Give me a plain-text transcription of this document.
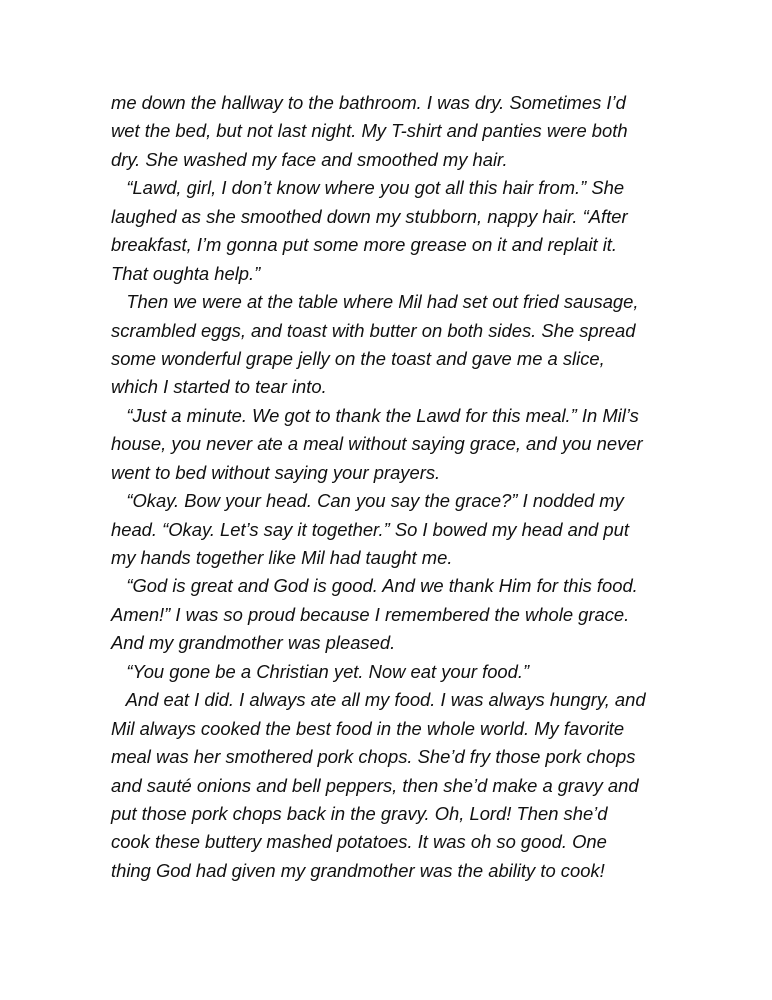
me down the hallway to the bathroom. I was dry. Sometimes I’d
wet the bed, but not last night. My T-shirt and panties were both
dry. She washed my face and smoothed my hair.
“Lawd, girl, I don’t know where you got all this hair from.” She
laughed as she smoothed down my stubborn, nappy hair. “After
breakfast, I’m gonna put some more grease on it and replait it.
That oughta help.”
Then we were at the table where Mil had set out fried sausage,
scrambled eggs, and toast with butter on both sides. She spread
some wonderful grape jelly on the toast and gave me a slice,
which I started to tear into.
“Just a minute. We got to thank the Lawd for this meal.” In Mil’s
house, you never ate a meal without saying grace, and you never
went to bed without saying your prayers.
“Okay. Bow your head. Can you say the grace?” I nodded my
head. “Okay. Let’s say it together.” So I bowed my head and put
my hands together like Mil had taught me.
“God is great and God is good. And we thank Him for this food.
Amen!” I was so proud because I remembered the whole grace.
And my grandmother was pleased.
“You gone be a Christian yet. Now eat your food.”
And eat I did. I always ate all my food. I was always hungry, and
Mil always cooked the best food in the whole world. My favorite
meal was her smothered pork chops. She’d fry those pork chops
and sauté onions and bell peppers, then she’d make a gravy and
put those pork chops back in the gravy. Oh, Lord! Then she’d
cook these buttery mashed potatoes. It was oh so good. One
thing God had given my grandmother was the ability to cook!
